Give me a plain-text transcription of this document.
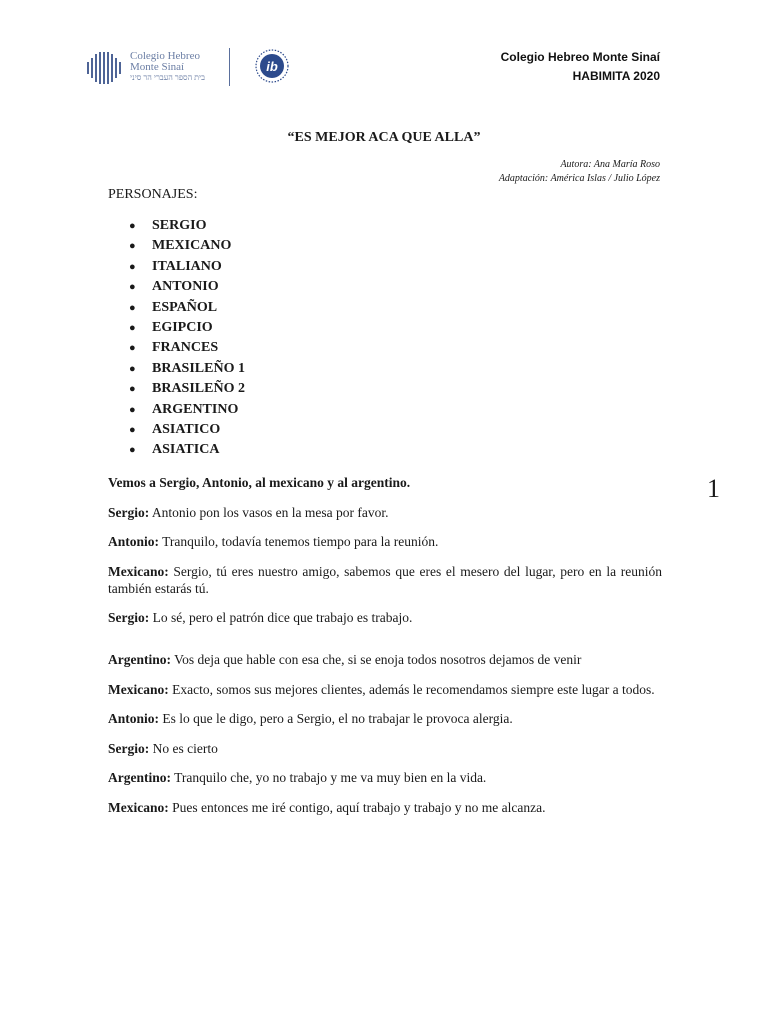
Colegio Hebreo
Monte Sinaí
בית הספר העברי הר סיני
ib
Colegio Hebreo Monte Sinaí
HABIMITA 2020
“ES MEJOR ACA QUE ALLA”
Autora: Ana María Roso
Adaptación: América Islas / Julio López
PERSONAJES:
● SERGIO
● MEXICANO
● ITALIANO
● ANTONIO
● ESPAÑOL
● EGIPCIO
● FRANCES
● BRASILEÑO 1
● BRASILEÑO 2
● ARGENTINO
● ASIATICO
● ASIATICA
1

Vemos a Sergio, Antonio, al mexicano y al argentino.

Sergio: Antonio pon los vasos en la mesa por favor.

Antonio: Tranquilo, todavía tenemos tiempo para la reunión.

Mexicano: Sergio, tú eres nuestro amigo, sabemos que eres el mesero del lugar, pero en la reunión también estarás tú.

Sergio: Lo sé, pero el patrón dice que trabajo es trabajo.

Argentino: Vos deja que hable con esa che, si se enoja todos nosotros dejamos de venir

Mexicano: Exacto, somos sus mejores clientes, además le recomendamos siempre este lugar a todos.

Antonio: Es lo que le digo, pero a Sergio, el no trabajar le provoca alergia.

Sergio: No es cierto

Argentino: Tranquilo che, yo no trabajo y me va muy bien en la vida.

Mexicano: Pues entonces me iré contigo, aquí trabajo y trabajo y no me alcanza.
